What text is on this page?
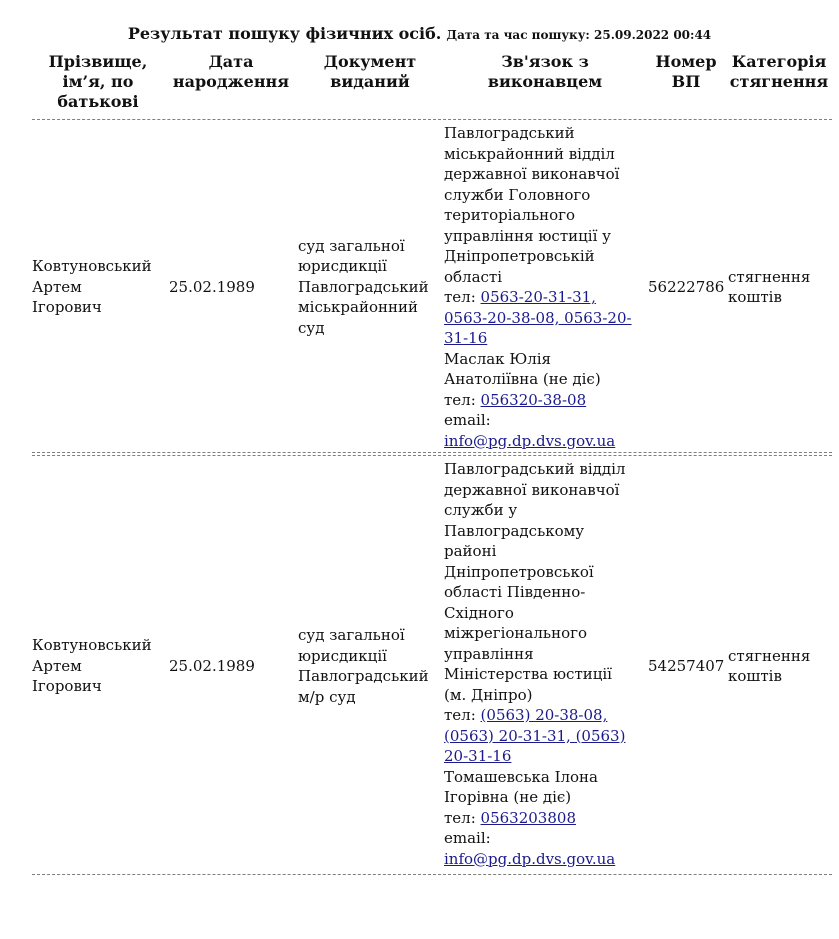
Результат пошуку фізичних осіб. Дата та час пошуку: 25.09.2022 00:44
Прізвище,
ім’я, по
батькові
Дата
народження
Документ
виданий
Зв'язок з
виконавцем
Номер
ВП
Категорія
стягнення
Ковтуновський
Артем
Ігорович
25.02.1989
суд загальної
юрисдикції
Павлоградський
міськрайонний
суд
Павлоградський
міськрайонний відділ
державної виконавчої
служби Головного
територіального
управління юстиції у
Дніпропетровській
області
тел: 0563-20-31-31,
0563-20-38-08, 0563-20-
31-16
Маслак Юлія
Анатоліївна (не діє)
тел: 056320-38-08
email:
info@pg.dp.dvs.gov.ua
56222786
стягнення
коштів
Ковтуновський
Артем
Ігорович
25.02.1989
суд загальної
юрисдикції
Павлоградський
м/р суд
Павлоградський відділ
державної виконавчої
служби у
Павлоградському
районі
Дніпропетровської
області Південно-
Східного
міжрегіонального
управління
Міністерства юстиції
(м. Дніпро)
тел: (0563) 20-38-08,
(0563) 20-31-31, (0563)
20-31-16
Томашевська Ілона
Ігорівна (не діє)
тел: 0563203808
email:
info@pg.dp.dvs.gov.ua
54257407
стягнення
коштів
